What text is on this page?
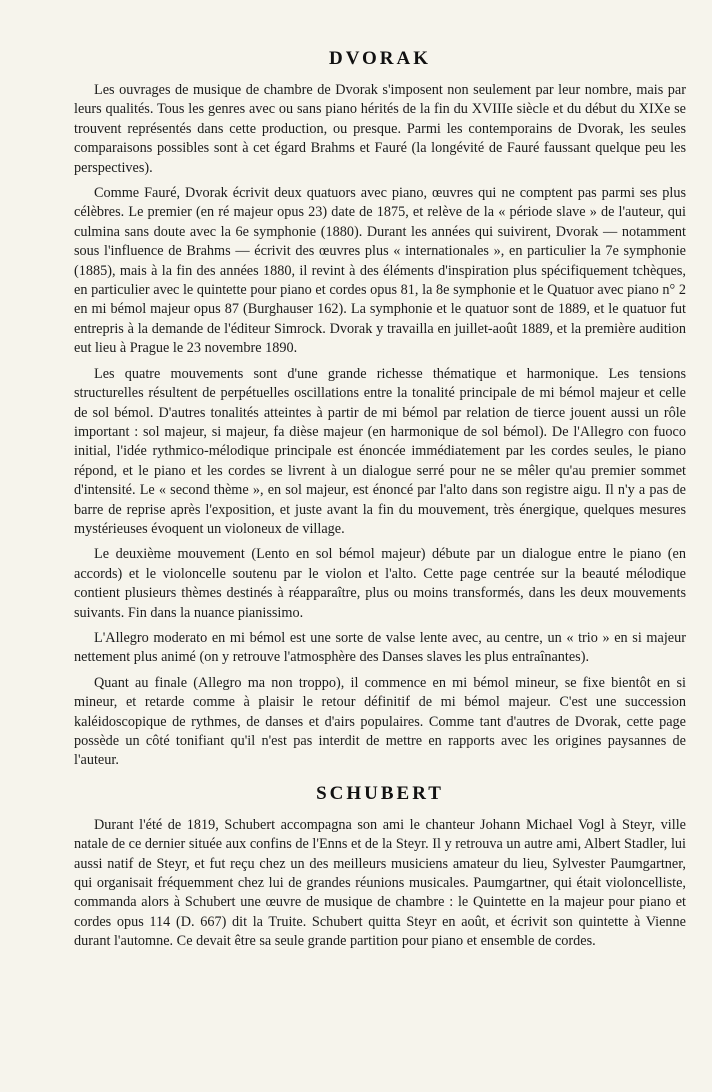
DVORAK

Les ouvrages de musique de chambre de Dvorak s'imposent non seulement par leur nombre, mais par leurs qualités. Tous les genres avec ou sans piano hérités de la fin du XVIIIe siècle et du début du XIXe se trouvent représentés dans cette production, ou presque. Parmi les contemporains de Dvorak, les seules comparaisons possibles sont à cet égard Brahms et Fauré (la longévité de Fauré faussant quelque peu les perspectives).

Comme Fauré, Dvorak écrivit deux quatuors avec piano, œuvres qui ne comptent pas parmi ses plus célèbres. Le premier (en ré majeur opus 23) date de 1875, et relève de la « période slave » de l'auteur, qui culmina sans doute avec la 6e symphonie (1880). Durant les années qui suivirent, Dvorak — notamment sous l'influence de Brahms — écrivit des œuvres plus « internationales », en particulier la 7e symphonie (1885), mais à la fin des années 1880, il revint à des éléments d'inspiration plus spécifiquement tchèques, en particulier avec le quintette pour piano et cordes opus 81, la 8e symphonie et le Quatuor avec piano n° 2 en mi bémol majeur opus 87 (Burghauser 162). La symphonie et le quatuor sont de 1889, et le quatuor fut entrepris à la demande de l'éditeur Simrock. Dvorak y travailla en juillet-août 1889, et la première audition eut lieu à Prague le 23 novembre 1890.

Les quatre mouvements sont d'une grande richesse thématique et harmonique. Les tensions structurelles résultent de perpétuelles oscillations entre la tonalité principale de mi bémol majeur et celle de sol bémol. D'autres tonalités atteintes à partir de mi bémol par relation de tierce jouent aussi un rôle important : sol majeur, si majeur, fa dièse majeur (en harmonique de sol bémol). De l'Allegro con fuoco initial, l'idée rythmico-mélodique principale est énoncée immédiatement par les cordes seules, le piano répond, et le piano et les cordes se livrent à un dialogue serré pour ne se mêler qu'au premier sommet d'intensité. Le « second thème », en sol majeur, est énoncé par l'alto dans son registre aigu. Il n'y a pas de barre de reprise après l'exposition, et juste avant la fin du mouvement, très énergique, quelques mesures mystérieuses évoquent un violoneux de village.

Le deuxième mouvement (Lento en sol bémol majeur) débute par un dialogue entre le piano (en accords) et le violoncelle soutenu par le violon et l'alto. Cette page centrée sur la beauté mélodique contient plusieurs thèmes destinés à réapparaître, plus ou moins transformés, dans les deux mouvements suivants. Fin dans la nuance pianissimo.

L'Allegro moderato en mi bémol est une sorte de valse lente avec, au centre, un « trio » en si majeur nettement plus animé (on y retrouve l'atmosphère des Danses slaves les plus entraînantes).

Quant au finale (Allegro ma non troppo), il commence en mi bémol mineur, se fixe bientôt en si mineur, et retarde comme à plaisir le retour définitif de mi bémol majeur. C'est une succession kaléidoscopique de rythmes, de danses et d'airs populaires. Comme tant d'autres de Dvorak, cette page possède un côté tonifiant qu'il n'est pas interdit de mettre en rapports avec les origines paysannes de l'auteur.

SCHUBERT

Durant l'été de 1819, Schubert accompagna son ami le chanteur Johann Michael Vogl à Steyr, ville natale de ce dernier située aux confins de l'Enns et de la Steyr. Il y retrouva un autre ami, Albert Stadler, lui aussi natif de Steyr, et fut reçu chez un des meilleurs musiciens amateur du lieu, Sylvester Paumgartner, qui organisait fréquemment chez lui de grandes réunions musicales. Paumgartner, qui était violoncelliste, commanda alors à Schubert une œuvre de musique de chambre : le Quintette en la majeur pour piano et cordes opus 114 (D. 667) dit la Truite. Schubert quitta Steyr en août, et écrivit son quintette à Vienne durant l'automne. Ce devait être sa seule grande partition pour piano et ensemble de cordes.
